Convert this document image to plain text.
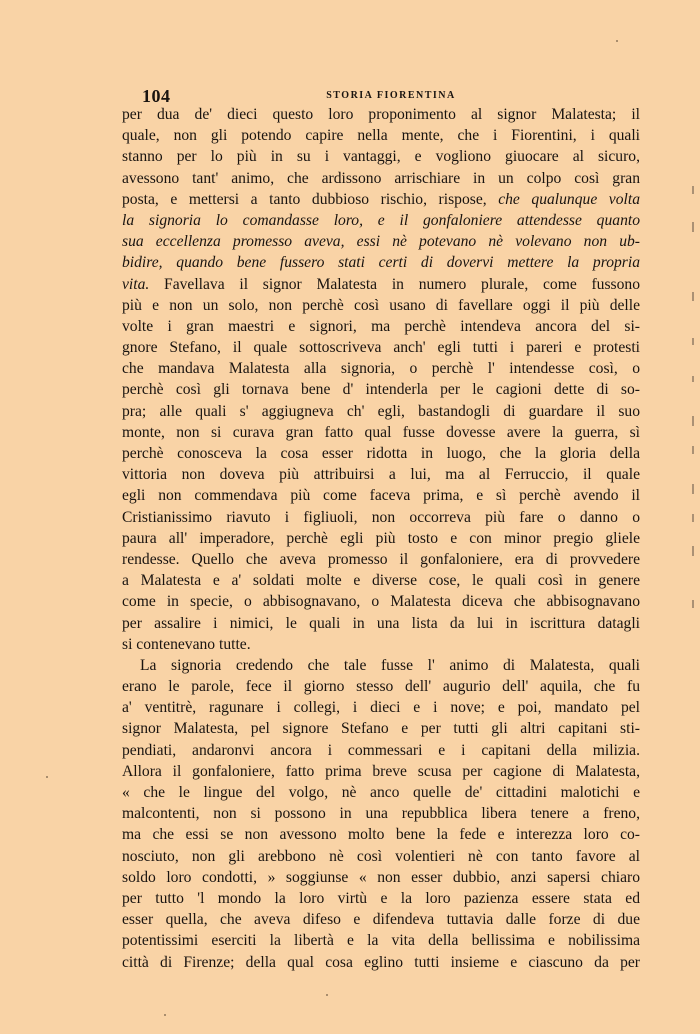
104	STORIA FIORENTINA
per dua de' dieci questo loro proponimento al signor Malatesta; il
quale, non gli potendo capire nella mente, che i Fiorentini, i quali
stanno per lo più in su i vantaggi, e vogliono giuocare al sicuro,
avessono tant' animo, che ardissono arrischiare in un colpo così gran
posta, e mettersi a tanto dubbioso rischio, rispose, che qualunque volta
la signoria lo comandasse loro, e il gonfaloniere attendesse quanto
sua eccellenza promesso aveva, essi nè potevano nè volevano non ub-
bidire, quando bene fussero stati certi di dovervi mettere la propria
vita. Favellava il signor Malatesta in numero plurale, come fussono
più e non un solo, non perchè così usano di favellare oggi il più delle
volte i gran maestri e signori, ma perchè intendeva ancora del si-
gnore Stefano, il quale sottoscriveva anch' egli tutti i pareri e protesti
che mandava Malatesta alla signoria, o perchè l' intendesse così, o
perchè così gli tornava bene d' intenderla per le cagioni dette di so-
pra; alle quali s' aggiugneva ch' egli, bastandogli di guardare il suo
monte, non si curava gran fatto qual fusse dovesse avere la guerra, sì
perchè conosceva la cosa esser ridotta in luogo, che la gloria della
vittoria non doveva più attribuirsi a lui, ma al Ferruccio, il quale
egli non commendava più come faceva prima, e sì perchè avendo il
Cristianissimo riavuto i figliuoli, non occorreva più fare o danno o
paura all' imperadore, perchè egli più tosto e con minor pregio gliele
rendesse. Quello che aveva promesso il gonfaloniere, era di provvedere
a Malatesta e a' soldati molte e diverse cose, le quali così in genere
come in specie, o abbisognavano, o Malatesta diceva che abbisognavano
per assalire i nimici, le quali in una lista da lui in iscrittura datagli
si contenevano tutte.
La signoria credendo che tale fusse l' animo di Malatesta, quali
erano le parole, fece il giorno stesso dell' augurio dell' aquila, che fu
a' ventitrè, ragunare i collegi, i dieci e i nove; e poi, mandato pel
signor Malatesta, pel signore Stefano e per tutti gli altri capitani sti-
pendiati, andaronvi ancora i commessari e i capitani della milizia.
Allora il gonfaloniere, fatto prima breve scusa per cagione di Malatesta,
« che le lingue del volgo, nè anco quelle de' cittadini malotichi e
malcontenti, non si possono in una repubblica libera tenere a freno,
ma che essi se non avessono molto bene la fede e interezza loro co-
nosciuto, non gli arebbono nè così volentieri nè con tanto favore al
soldo loro condotti, » soggiunse « non esser dubbio, anzi sapersi chiaro
per tutto 'l mondo la loro virtù e la loro pazienza essere stata ed
esser quella, che aveva difeso e difendeva tuttavia dalle forze di due
potentissimi eserciti la libertà e la vita della bellissima e nobilissima
città di Firenze; della qual cosa eglino tutti insieme e ciascuno da per
